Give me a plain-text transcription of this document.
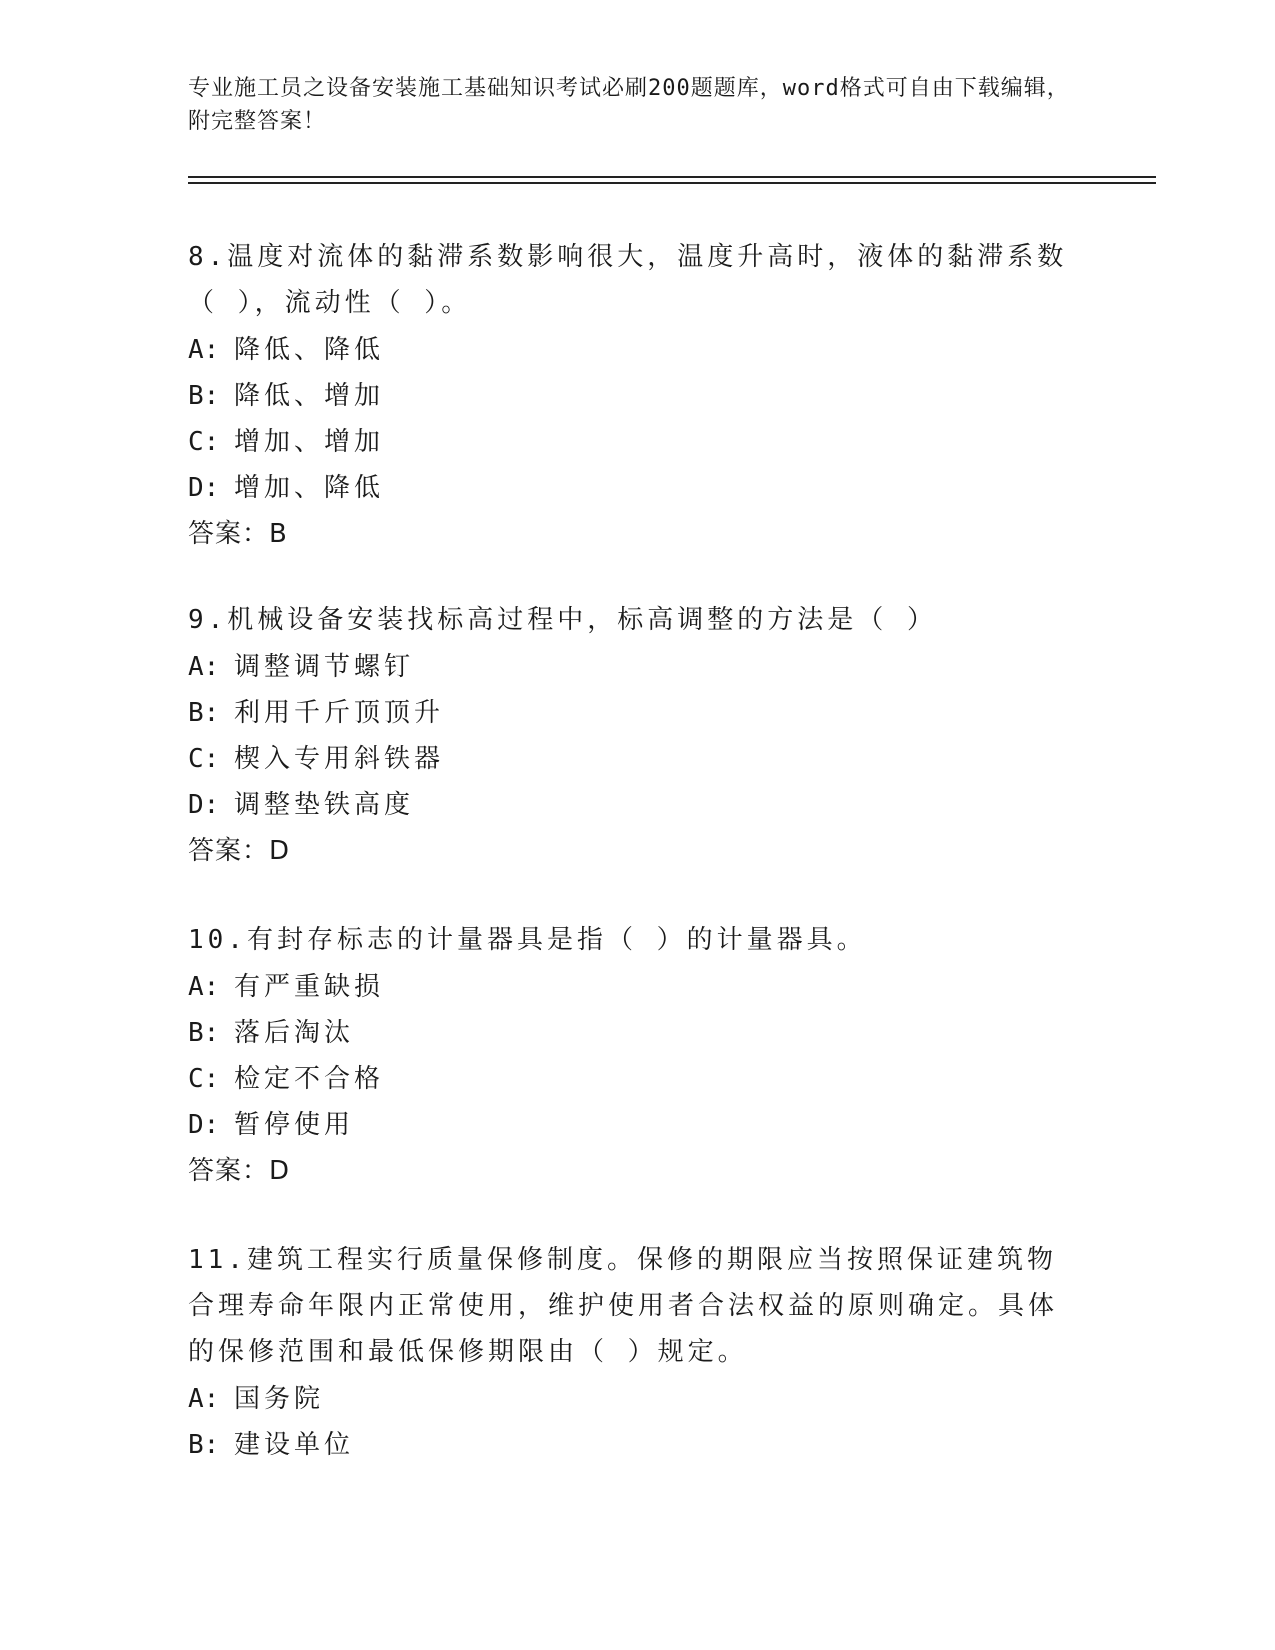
专业施工员之设备安装施工基础知识考试必刷200题题库，word格式可自由下载编辑，附完整答案！
8.温度对流体的黏滞系数影响很大，温度升高时，液体的黏滞系数（ ），流动性（ ）。
A: 降低、降低
B: 降低、增加
C: 增加、增加
D: 增加、降低
答案：B
9.机械设备安装找标高过程中，标高调整的方法是（ ）
A: 调整调节螺钉
B: 利用千斤顶顶升
C: 楔入专用斜铁器
D: 调整垫铁高度
答案：D
10.有封存标志的计量器具是指（ ）的计量器具。
A: 有严重缺损
B: 落后淘汰
C: 检定不合格
D: 暂停使用
答案：D
11.建筑工程实行质量保修制度。保修的期限应当按照保证建筑物合理寿命年限内正常使用，维护使用者合法权益的原则确定。具体的保修范围和最低保修期限由（ ）规定。
A: 国务院
B: 建设单位
